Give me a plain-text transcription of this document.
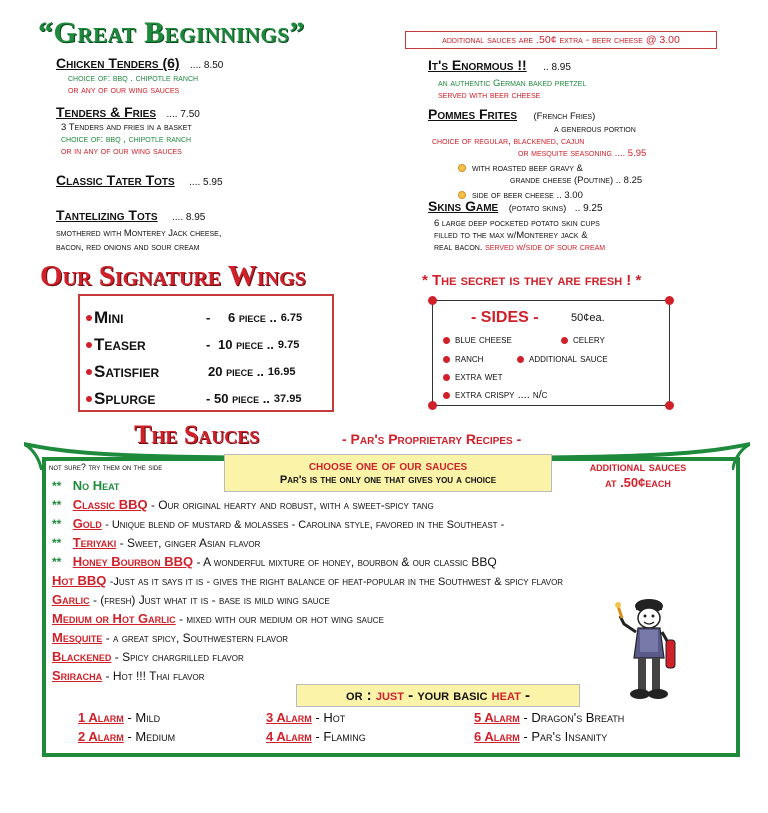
“Great Beginnings”	additional sauces are .50¢ extra - beer cheese @ 3.00
Chicken Tenders (6) .... 8.50
choice of: bbq . chipotle ranch
or any of our wing sauces
Tenders & Fries .... 7.50
3 Tenders and fries in a basket
choice of: bbq , chipotle ranch
or in any of our wing sauces
Classic Tater Tots .... 5.95
Tantelizing Tots .... 8.95
smothered with Monterey Jack cheese,
bacon, red onions and sour cream
It's Enormous !! .. 8.95
an authentic German baked pretzel
served with beer cheese
Pommes Frites (French Fries)
a generous portion
choice of regular, blackened, cajun
or mesquite seasoning .... 5.95
with roasted beef gravy &
grande cheese (Poutine) .. 8.25
side of beer cheese .. 3.00
Skins Game (potato skins) .. 9.25
6 large deep pocketed potato skin cups
filled to the max w/Monterey jack &
real bacon. served w/side of sour cream
Our Signature Wings	* The secret is they are fresh ! *
Mini	-	6 piece .. 6.75
Teaser	- 10 piece .. 9.75
Satisfier	20 piece .. 16.95
Splurge	- 50 piece .. 37.95
- SIDES -	50¢ea.
blue cheese	celery
ranch	additional sauce
extra wet
extra crispy .... n/c
The Sauces	- Par's Proprietary Recipes -
not sure? try them on the side	choose one of our sauces
Par's is the only one that gives you a choice
additional sauces
at .50¢each
** No Heat
** Classic BBQ - Our original hearty and robust, with a sweet-spicy tang
** Gold - Unique blend of mustard & molasses - Carolina style, favored in the Southeast -
** Teriyaki - Sweet, ginger Asian flavor
** Honey Bourbon BBQ - A wonderful mixture of honey, bourbon & our classic BBQ
Hot BBQ -Just as it says it is - gives the right balance of heat-popular in the Southwest & spicy flavor
Garlic - (fresh) Just what it is - base is mild wing sauce
Medium or Hot Garlic - mixed with our medium or hot wing sauce
Mesquite - a great spicy, Southwestern flavor
Blackened - Spicy chargrilled flavor
Sriracha - Hot !!! Thai flavor
or : just - your basic heat -
1 Alarm - Mild
2 Alarm - Medium
3 Alarm - Hot
4 Alarm - Flaming
5 Alarm - Dragon's Breath
6 Alarm - Par's Insanity
